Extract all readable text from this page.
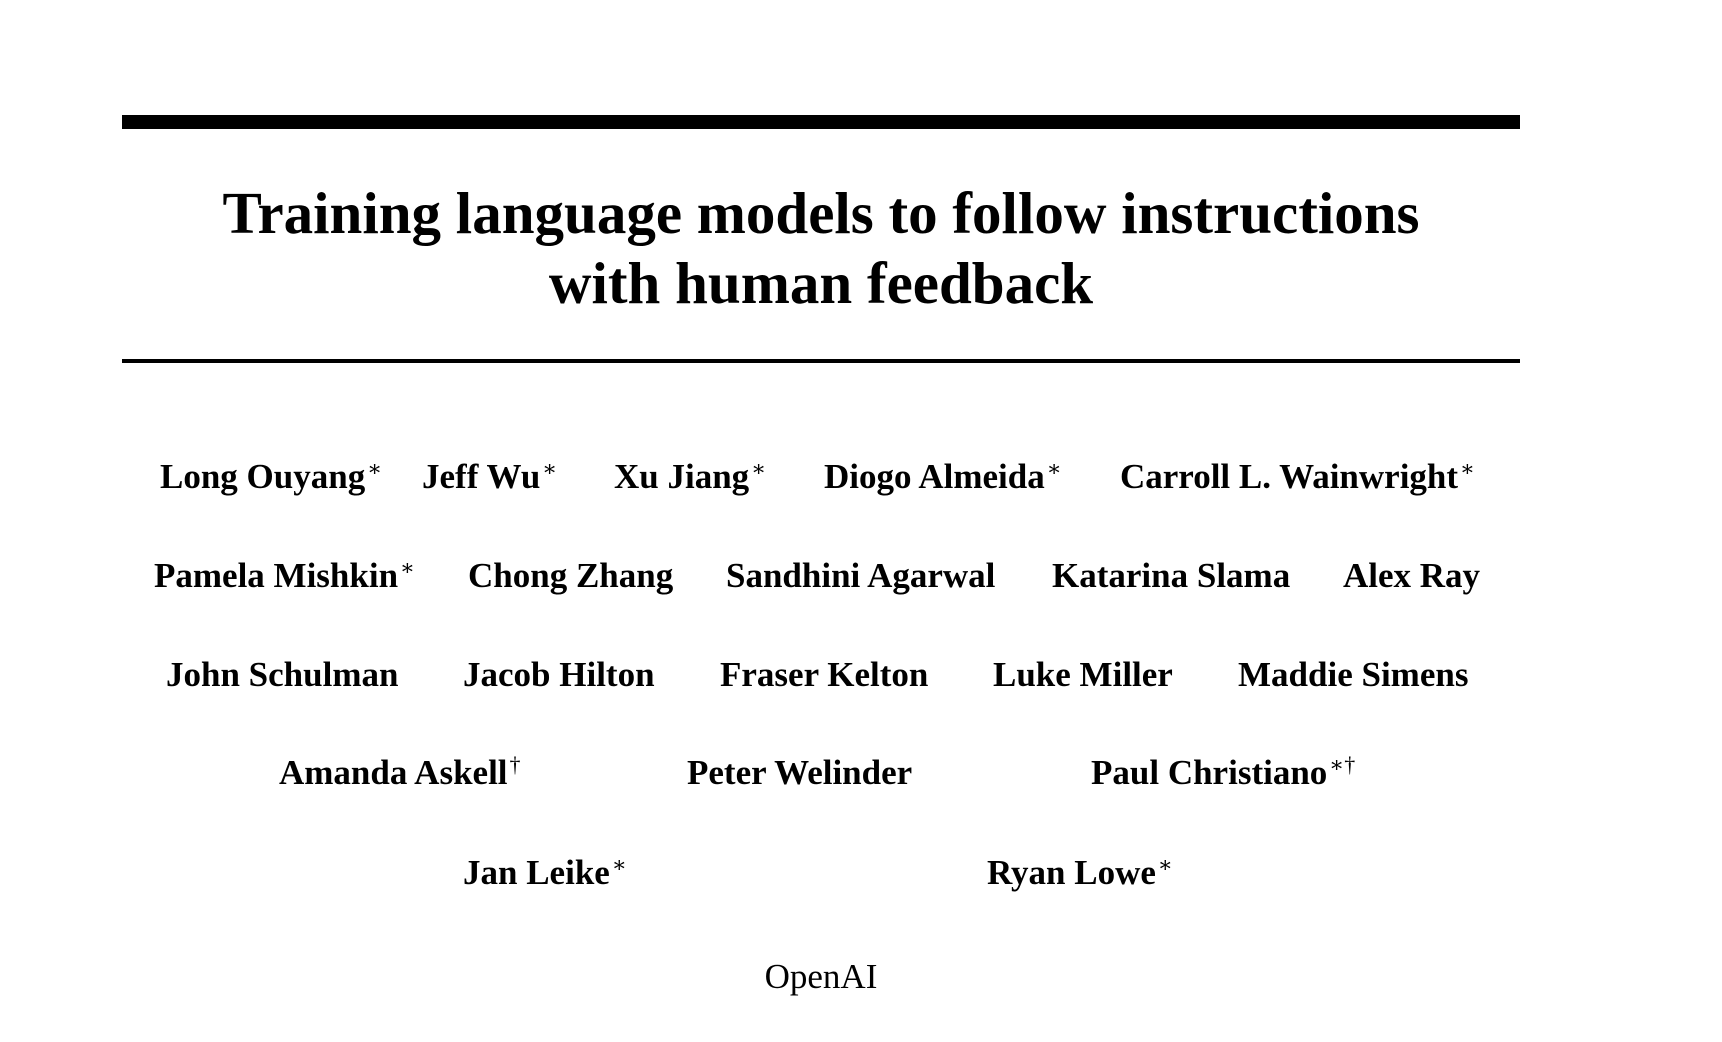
Training language models to follow instructions
with human feedback
Long Ouyang∗ Jeff Wu∗ Xu Jiang∗ Diogo Almeida∗ Carroll L. Wainwright∗
Pamela Mishkin∗ Chong Zhang Sandhini Agarwal Katarina Slama Alex Ray
John Schulman Jacob Hilton Fraser Kelton Luke Miller Maddie Simens
Amanda Askell†	Peter Welinder	Paul Christiano∗†
Jan Leike∗	Ryan Lowe∗
OpenAI
